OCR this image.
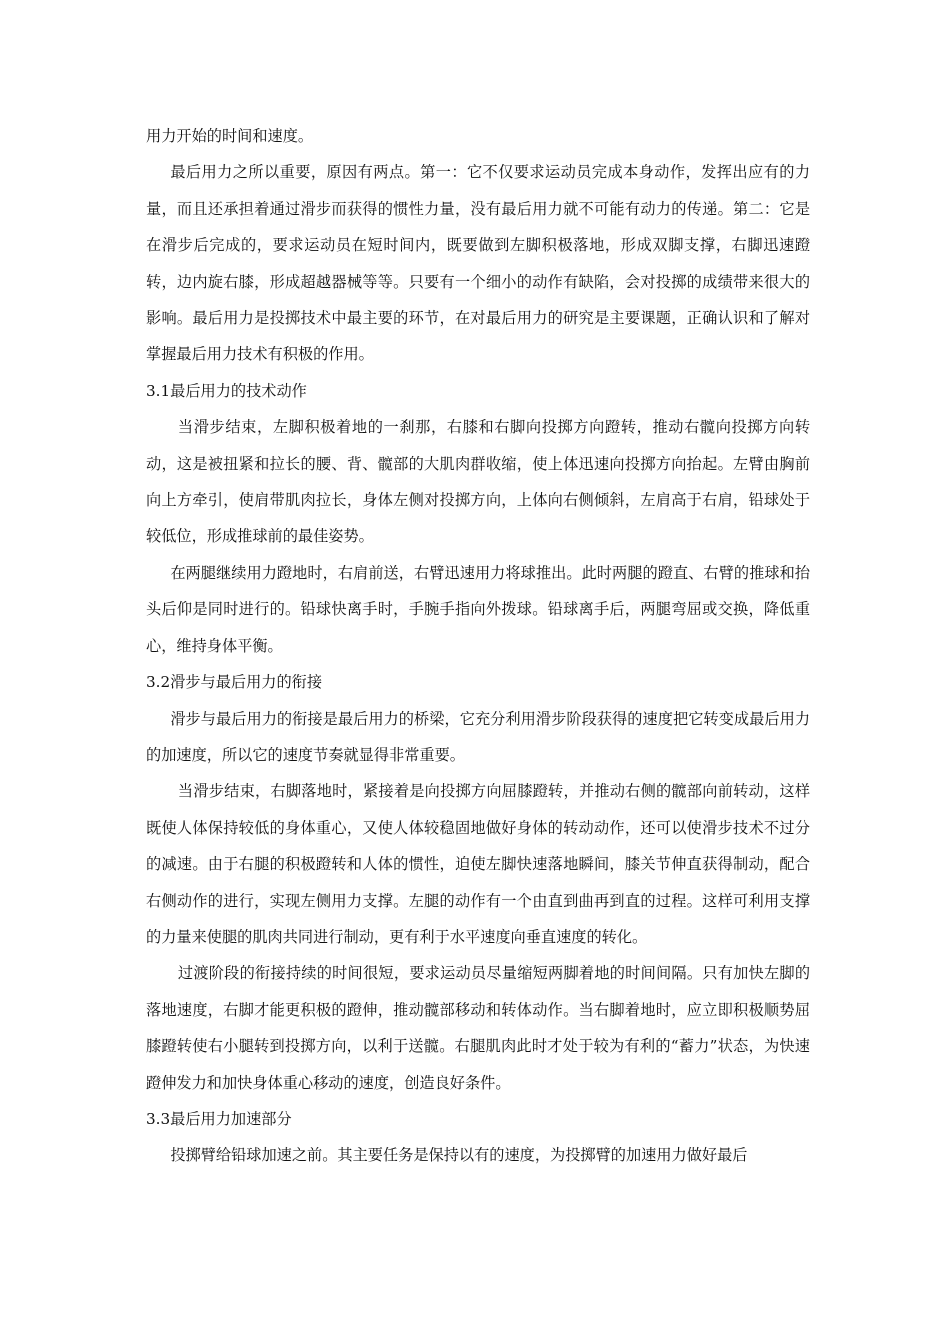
用力开始的时间和速度。

最后用力之所以重要，原因有两点。第一：它不仅要求运动员完成本身动作，发挥出应有的力量，而且还承担着通过滑步而获得的惯性力量，没有最后用力就不可能有动力的传递。第二：它是在滑步后完成的，要求运动员在短时间内，既要做到左脚积极落地，形成双脚支撑，右脚迅速蹬转，边内旋右膝，形成超越器械等等。只要有一个细小的动作有缺陷，会对投掷的成绩带来很大的影响。最后用力是投掷技术中最主要的环节，在对最后用力的研究是主要课题，正确认识和了解对掌握最后用力技术有积极的作用。

3.1最后用力的技术动作

当滑步结束，左脚积极着地的一刹那，右膝和右脚向投掷方向蹬转，推动右髋向投掷方向转动，这是被扭紧和拉长的腰、背、髋部的大肌肉群收缩，使上体迅速向投掷方向抬起。左臂由胸前向上方牵引，使肩带肌肉拉长，身体左侧对投掷方向，上体向右侧倾斜，左肩高于右肩，铅球处于较低位，形成推球前的最佳姿势。

在两腿继续用力蹬地时，右肩前送，右臂迅速用力将球推出。此时两腿的蹬直、右臂的推球和抬头后仰是同时进行的。铅球快离手时，手腕手指向外拨球。铅球离手后，两腿弯屈或交换，降低重心，维持身体平衡。

3.2滑步与最后用力的衔接

滑步与最后用力的衔接是最后用力的桥梁，它充分利用滑步阶段获得的速度把它转变成最后用力的加速度，所以它的速度节奏就显得非常重要。

当滑步结束，右脚落地时，紧接着是向投掷方向屈膝蹬转，并推动右侧的髋部向前转动，这样既使人体保持较低的身体重心，又使人体较稳固地做好身体的转动动作，还可以使滑步技术不过分的减速。由于右腿的积极蹬转和人体的惯性，迫使左脚快速落地瞬间，膝关节伸直获得制动，配合右侧动作的进行，实现左侧用力支撑。左腿的动作有一个由直到曲再到直的过程。这样可利用支撑的力量来使腿的肌肉共同进行制动，更有利于水平速度向垂直速度的转化。

过渡阶段的衔接持续的时间很短，要求运动员尽量缩短两脚着地的时间间隔。只有加快左脚的落地速度，右脚才能更积极的蹬伸，推动髋部移动和转体动作。当右脚着地时，应立即积极顺势屈膝蹬转使右小腿转到投掷方向，以利于送髋。右腿肌肉此时才处于较为有利的“蓄力”状态，为快速蹬伸发力和加快身体重心移动的速度，创造良好条件。

3.3最后用力加速部分

投掷臂给铅球加速之前。其主要任务是保持以有的速度，为投掷臂的加速用力做好最后
